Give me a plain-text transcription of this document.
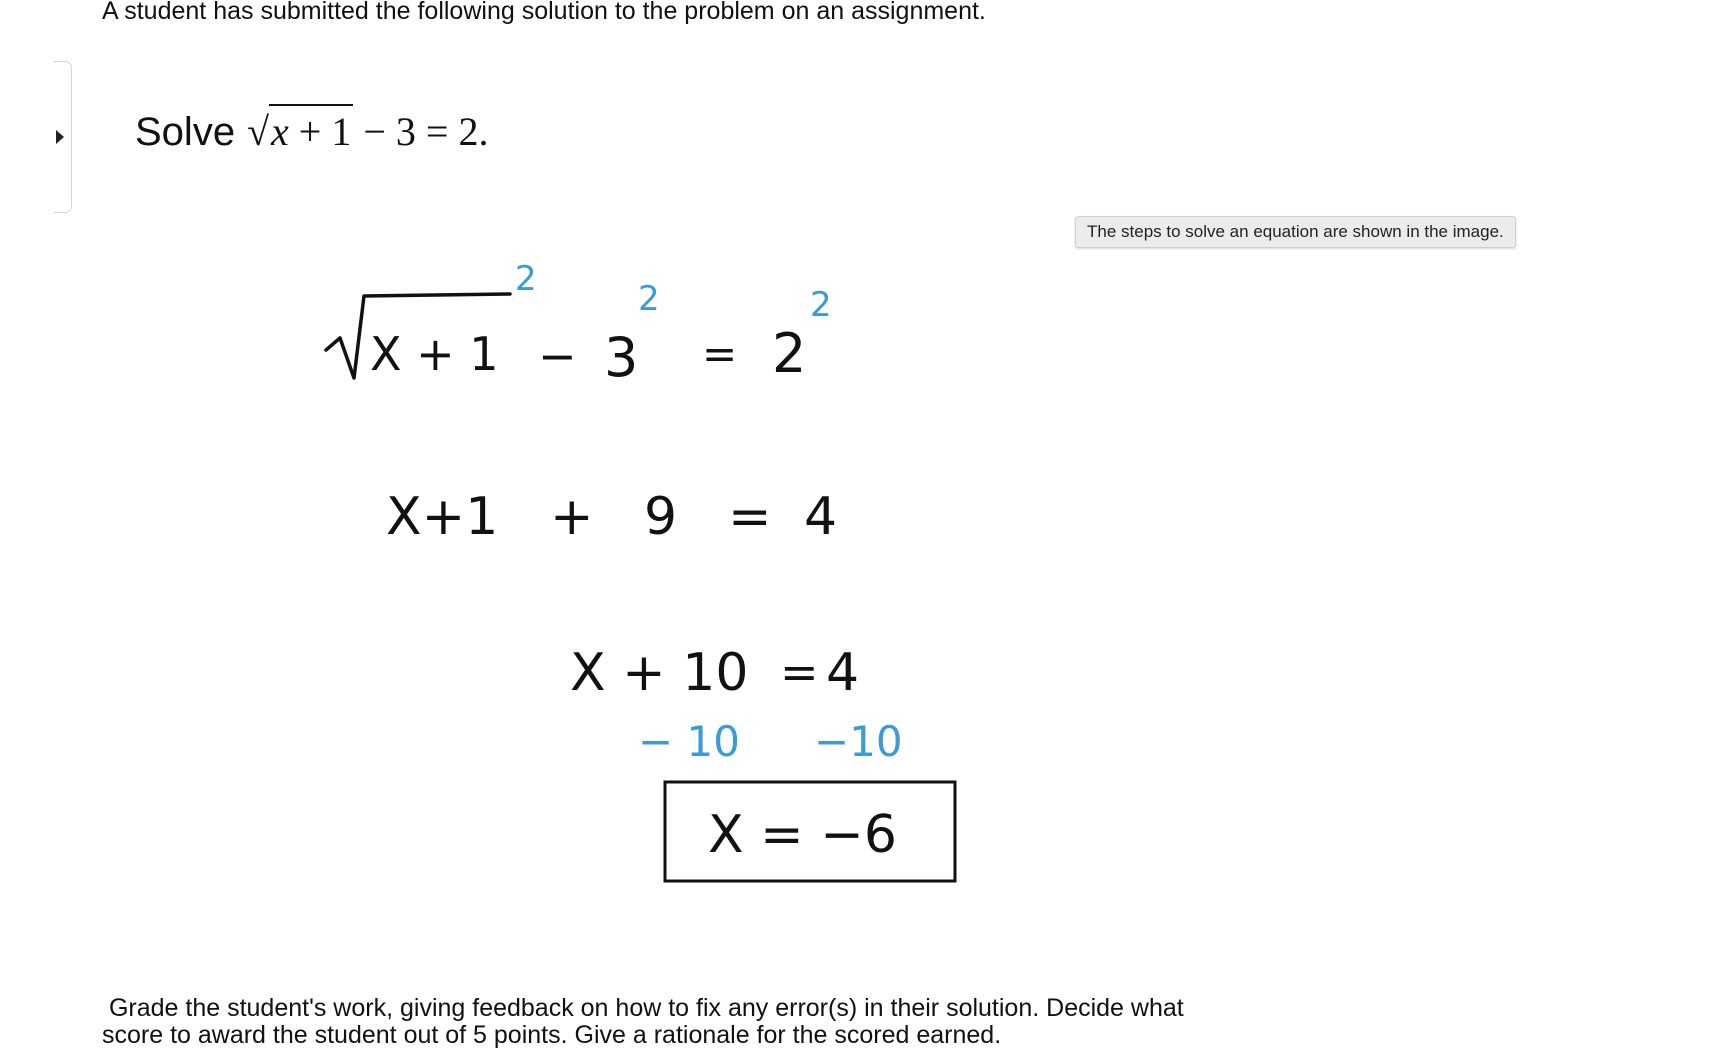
A student has submitted the following solution to the problem on an assignment.
Solve √ x + 1 − 3 = 2.
The steps to solve an equation are shown in the image.
X + 1 − 3 = 2
2	2	2
X+1 + 9 = 4
X + 10 = 4
− 10 −10
X = −6
Grade the student's work, giving feedback on how to fix any error(s) in their solution. Decide what score to award the student out of 5 points. Give a rationale for the scored earned.
